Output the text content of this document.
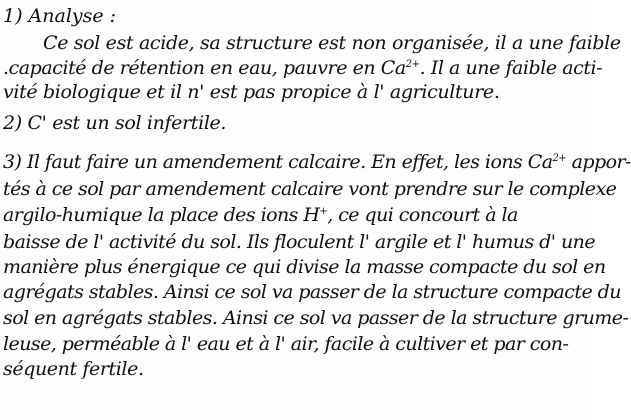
1) Analyse :
Ce sol est acide, sa structure est non organisée, il a une faible
.capacité de rétention en eau, pauvre en $Ca^{2+}$. Il a une faible acti-
vité biologique et il n' est pas propice à l' agriculture.
2) C' est un sol infertile.
3) Il faut faire un amendement calcaire. En effet, les ions $Ca^{2+}$ appor-
tés à ce sol par amendement calcaire vont prendre sur le complexe
argilo-humique la place des ions H+, ce qui concourt à la
baisse de l' activité du sol. Ils floculent l' argile et l' humus d' une
manière plus énergique ce qui divise la masse compacte du sol en
agrégats stables. Ainsi ce sol va passer de la structure compacte du
sol en agrégats stables. Ainsi ce sol va passer de la structure grume-
leuse, perméable à l' eau et à l' air, facile à cultiver et par con-
séquent fertile.
